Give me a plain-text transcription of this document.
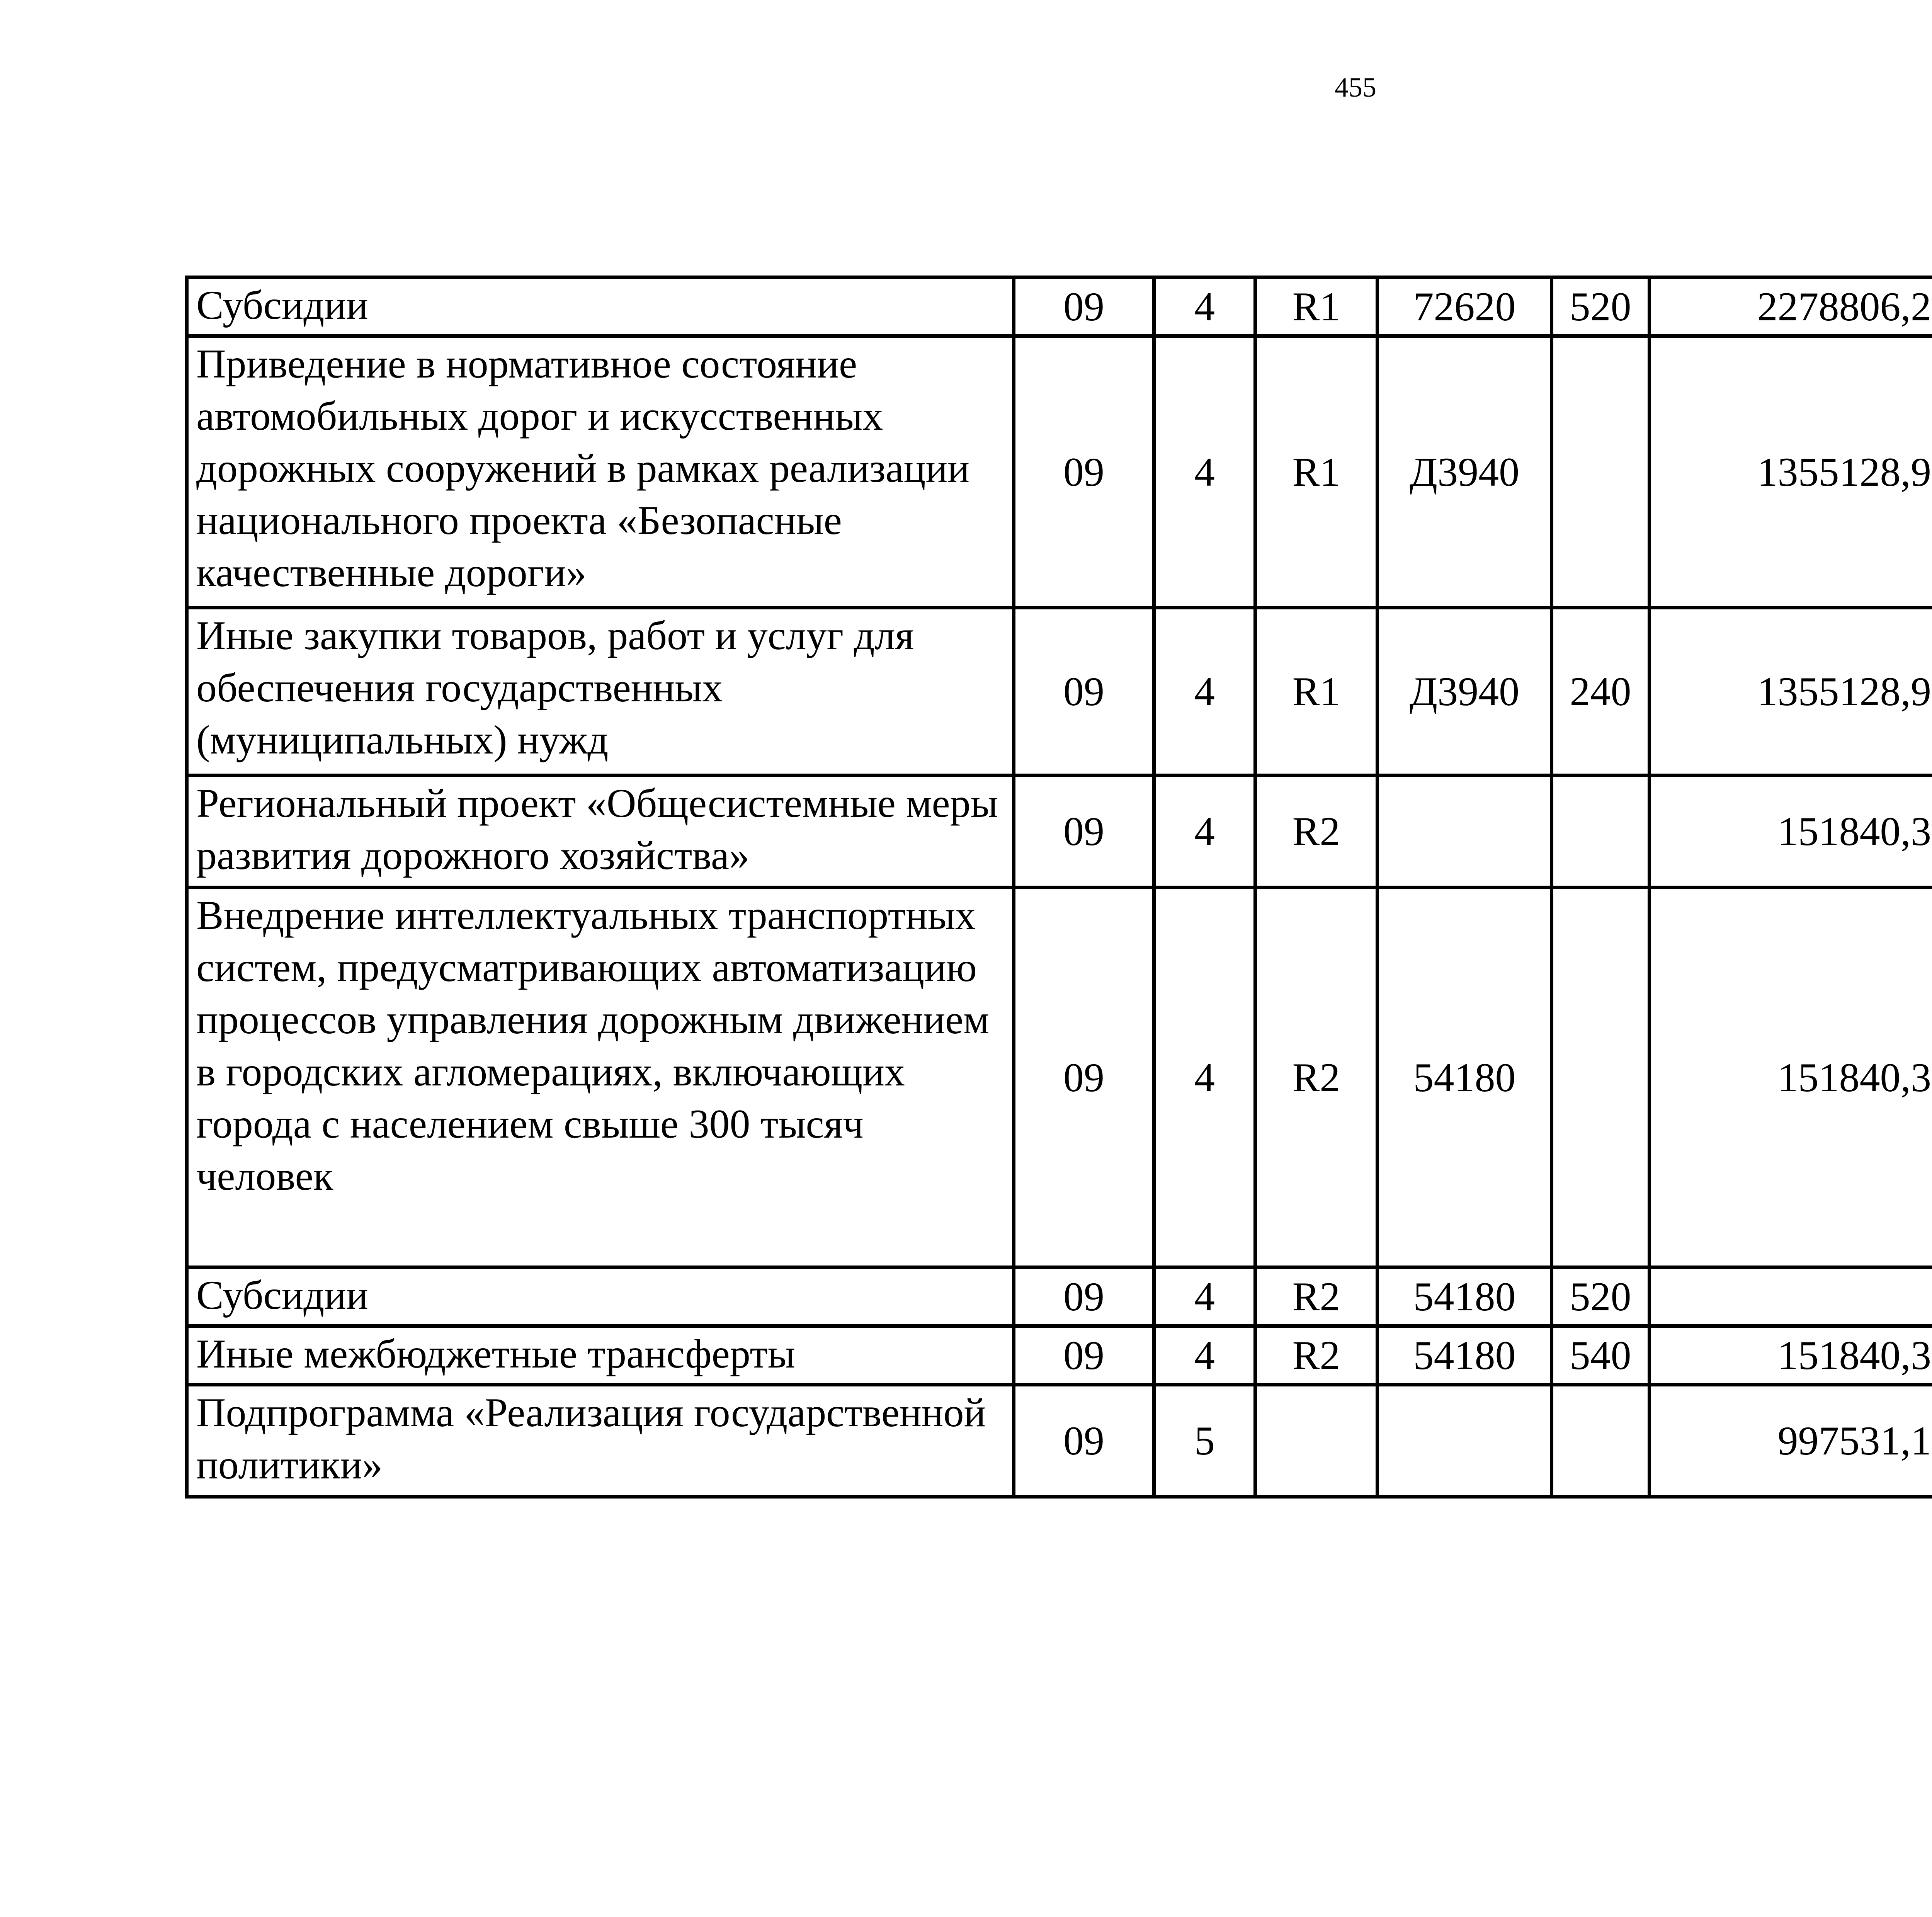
455
Субсидии	09	4	R1	72620	520	2278806,2		
Приведение в нормативное состояние автомобильных дорог и искусственных дорожных сооружений в рамках реализации национального проекта «Безопасные качественные дороги»	09	4	R1	Д3940		1355128,9		
Иные закупки товаров, работ и услуг для обеспечения государственных (муниципальных) нужд	09	4	R1	Д3940	240	1355128,9		
Региональный проект «Общесистемные меры развития дорожного хозяйства»	09	4	R2			151840,3		
Внедрение интеллектуальных транспортных систем, предусматривающих автоматизацию процессов управления дорожным движением в городских агломерациях, включающих города с населением свыше 300 тысяч человек	09	4	R2	54180		151840,3		
Субсидии	09	4	R2	54180	520			
Иные межбюджетные трансферты	09	4	R2	54180	540	151840,3		
Подпрограмма «Реализация государственной политики»	09	5				997531,1		
